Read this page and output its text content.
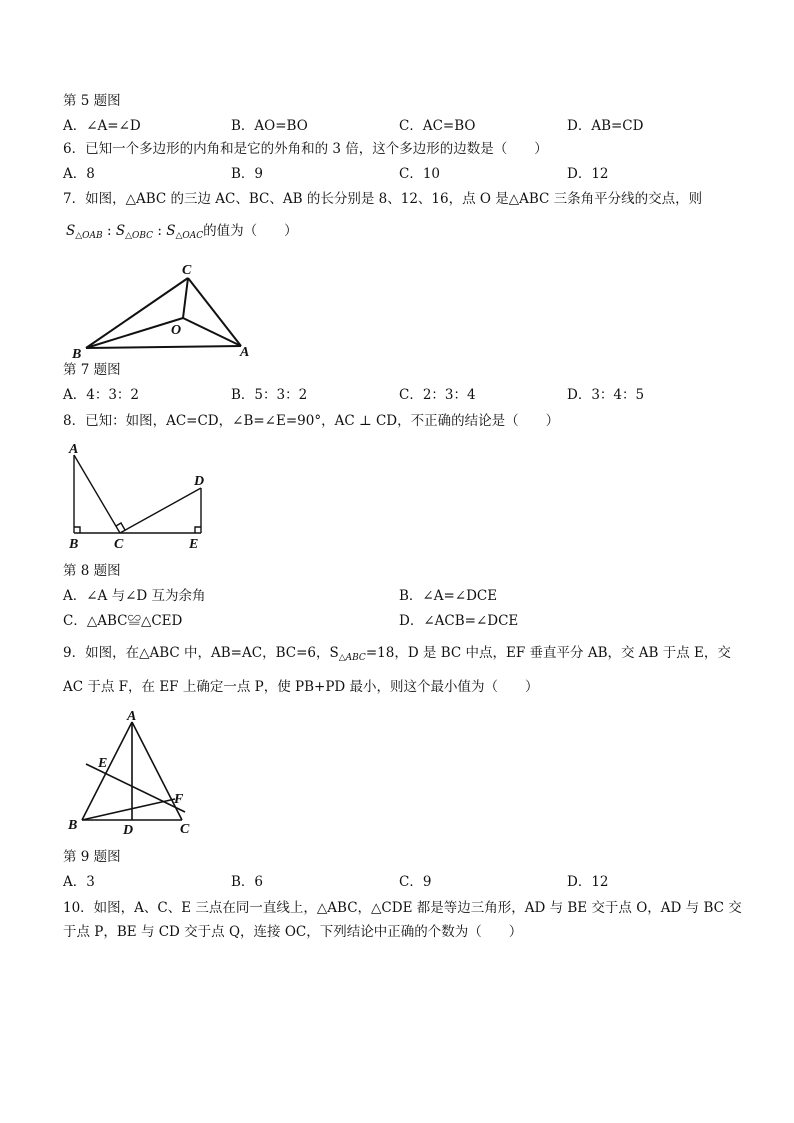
第 5 题图
A．∠A=∠D	B．AO=BO	C．AC=BO	D．AB=CD
6．已知一个多边形的内角和是它的外角和的 3 倍，这个多边形的边数是（　　）
A．8	B．9	C．10	D．12
7．如图，△ABC 的三边 AC、BC、AB 的长分别是 8、12、16，点 O 是△ABC 三条角平分线的交点，则
$S_{\triangle OAB}$ : $S_{\triangle OBC}$ : $S_{\triangle OAC}$的值为（　　）
C
O
B	A
第 7 题图
A．4：3：2	B．5：3：2	C．2：3：4	D．3：4：5
8．已知：如图，AC=CD，∠B=∠E=90°，AC ⊥ CD，不正确的结论是（　　）
A
D
B	C	E
第 8 题图
A．∠A 与∠D 互为余角	B．∠A=∠DCE
C．△ABC≌△CED	D．∠ACB=∠DCE
9．如图，在△ABC 中，AB=AC，BC=6，$S_{\triangle ABC}=18$，D 是 BC 中点，EF 垂直平分 AB，交 AB 于点 E，交
AC 于点 F，在 EF 上确定一点 P，使 PB+PD 最小，则这个最小值为（　　）
A
E
F
B	D	C
第 9 题图
A．3	B．6	C．9	D．12
10．如图，A、C、E 三点在同一直线上，△ABC，△CDE 都是等边三角形，AD 与 BE 交于点 O，AD 与 BC 交
于点 P，BE 与 CD 交于点 Q，连接 OC，下列结论中正确的个数为（　　）
